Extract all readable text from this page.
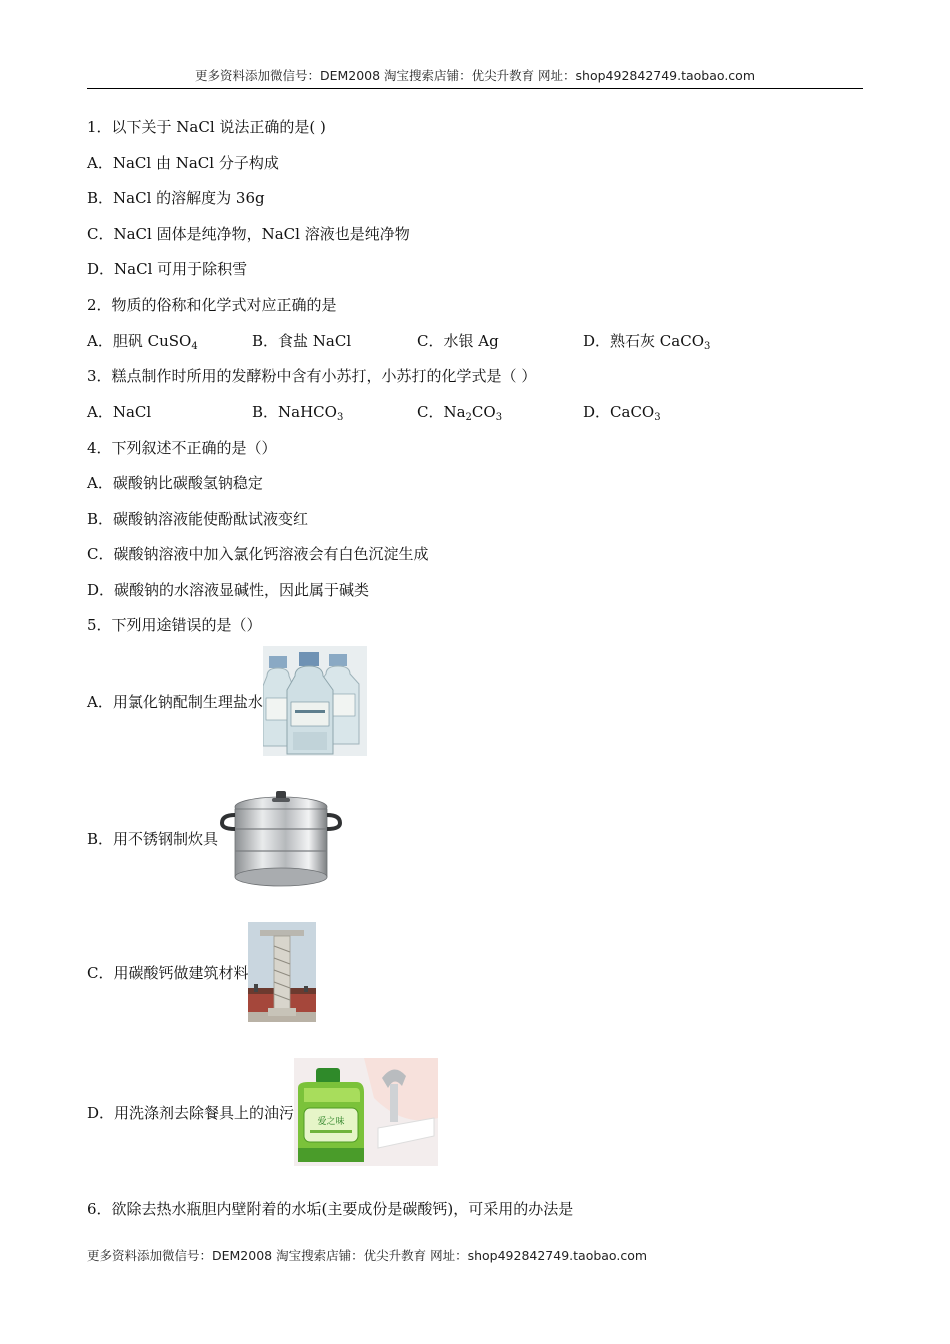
更多资料添加微信号：DEM2008 淘宝搜索店铺：优尖升教育 网址：shop492842749.taobao.com
1．以下关于 NaCl 说法正确的是( )
A．NaCl 由 NaCl 分子构成
B．NaCl 的溶解度为 36g
C．NaCl 固体是纯净物，NaCl 溶液也是纯净物
D．NaCl 可用于除积雪
2．物质的俗称和化学式对应正确的是
A．胆矾 CuSO$_4$	B．食盐 NaCl	C．水银 Ag	D．熟石灰 CaCO$_3$
3．糕点制作时所用的发酵粉中含有小苏打，小苏打的化学式是（ ）
A．NaCl	B．NaHCO$_3$	C．$Na_2CO_3$	D．CaCO$_3$
4．下列叙述不正确的是（）
A．碳酸钠比碳酸氢钠稳定
B．碳酸钠溶液能使酚酞试液变红
C．碳酸钠溶液中加入氯化钙溶液会有白色沉淀生成
D．碳酸钠的水溶液显碱性，因此属于碱类
5．下列用途错误的是（）
A．用氯化钠配制生理盐水
B．用不锈钢制炊具
C．用碳酸钙做建筑材料
D．用洗涤剂去除餐具上的油污
爱之味
6．欲除去热水瓶胆内壁附着的水垢(主要成份是碳酸钙)，可采用的办法是
更多资料添加微信号：DEM2008 淘宝搜索店铺：优尖升教育 网址：shop492842749.taobao.com
